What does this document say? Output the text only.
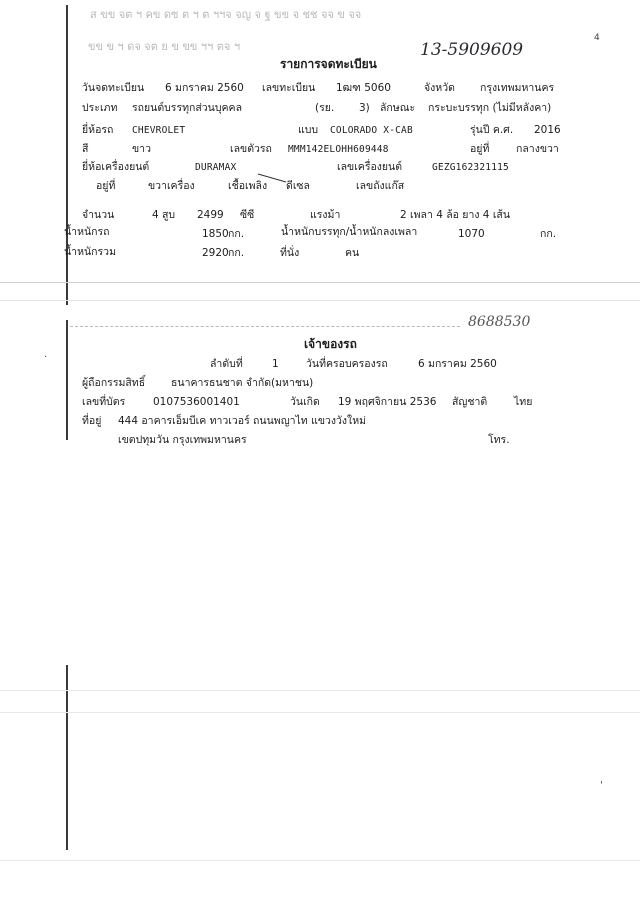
ส ขข จต ฯ คข ดซ ต ฯ ต ฯฯจ จญ จ ฐ ขข จ ชช จจ ข จจ
ขข ข ฯ ดจ จต ย ข ขข ฯฯ ตจ ฯ
4
13-5909609
รายการจดทะเบียน
วันจดทะเบียน 6 มกราคม 2560 เลขทะเบียน 1ฒฑ 5060	จังหวัด กรุงเทพมหานคร
ประเภท รถยนต์บรรทุกส่วนบุคคล	(รย. 3) ลักษณะ กระบะบรรทุก (ไม่มีหลังคา)
ยี่ห้อรถ CHEVROLET	แบบ COLORADO X-CAB	รุ่นปี ค.ศ. 2016
สี	ขาว	เลขตัวรถ MMM142ELOHH609448	อยู่ที่	กลางขวา
ยี่ห้อเครื่องยนต์	DURAMAX	เลขเครื่องยนต์	GEZG162321115
อยู่ที่	ขวาเครื่อง	เชื้อเพลิง ดีเซล	เลขถังแก๊ส
จำนวน	4 สูบ 2499 ซีซี	แรงม้า	2 เพลา 4 ล้อ ยาง 4 เส้น
น้ำหนักรถ	1850 กก.	น้ำหนักบรรทุก/น้ำหนักลงเพลา	1070	กก.
น้ำหนักรวม	2920 กก.	ที่นั่ง	คน
8688530
เจ้าของรถ
·
ลำดับที่	1	วันที่ครอบครองรถ	6 มกราคม 2560
ผู้ถือกรรมสิทธิ์ ธนาคารธนชาต จำกัด(มหาชน)
เลขที่บัตร	0107536001401	วันเกิด 19 พฤศจิกายน 2536 สัญชาติ	ไทย
ที่อยู่ 444 อาคารเอ็มบีเค ทาวเวอร์ ถนนพญาไท แขวงวังใหม่
เขตปทุมวัน กรุงเทพมหานคร	โทร.
'
